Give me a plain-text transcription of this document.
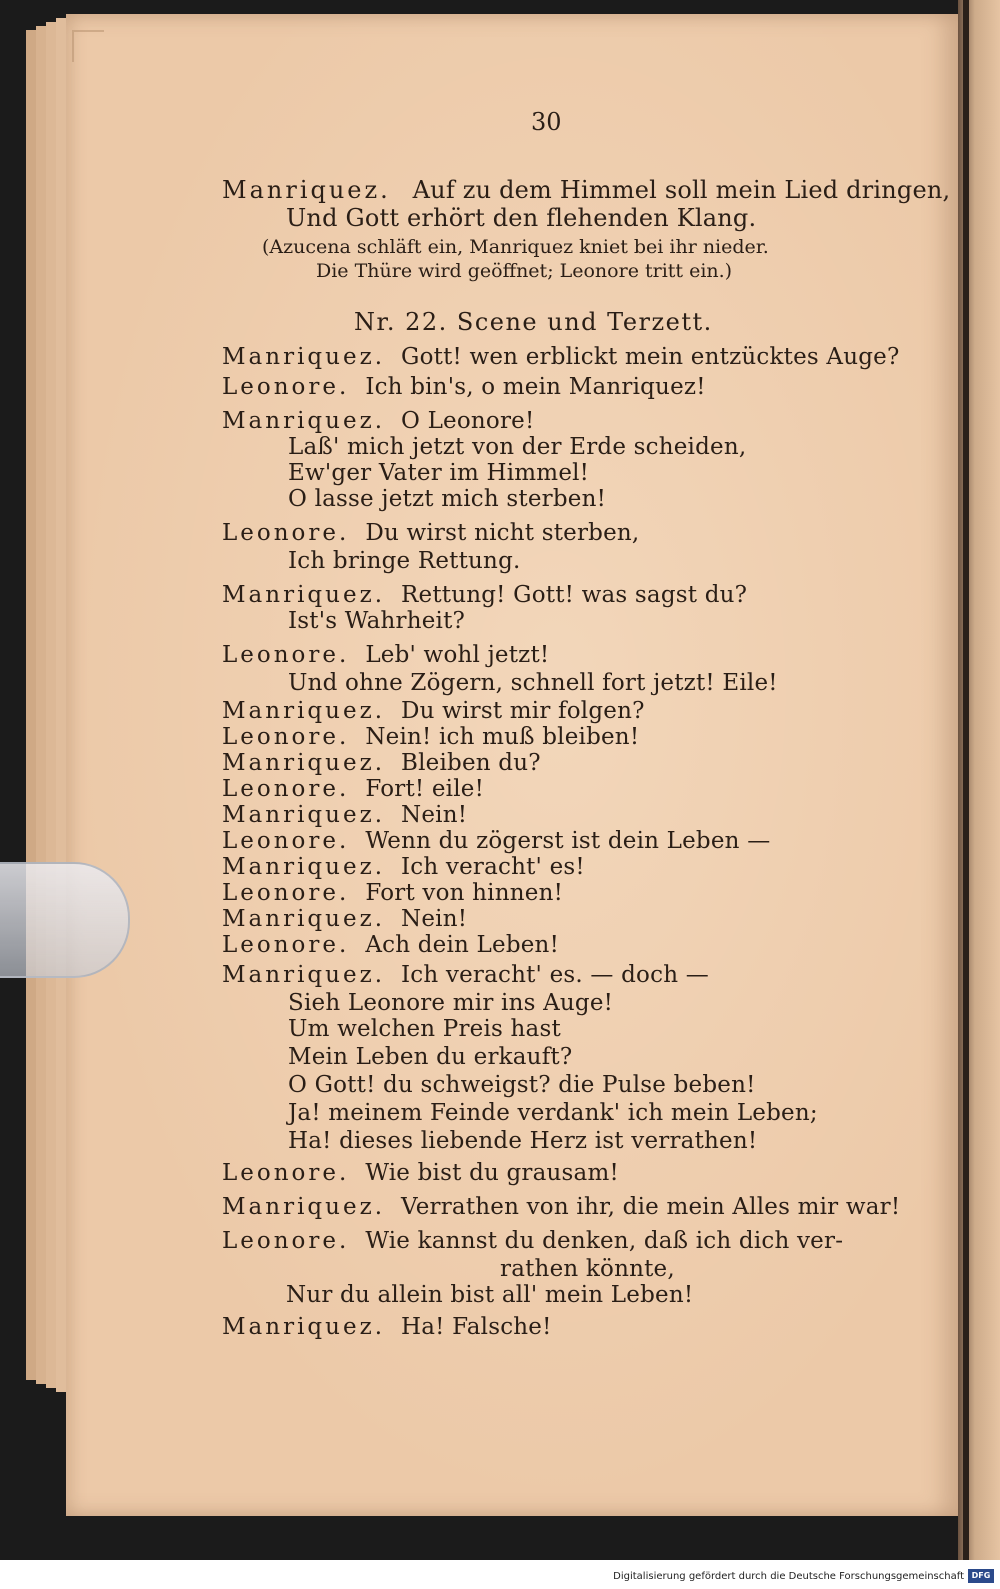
30
Manriquez. Auf zu dem Himmel soll mein Lied dringen,
Und Gott erhört den flehenden Klang.
(Azucena schläft ein, Manriquez kniet bei ihr nieder.
Die Thüre wird geöffnet; Leonore tritt ein.)
Nr. 22. Scene und Terzett.
Manriquez. Gott! wen erblickt mein entzücktes Auge?
Leonore. Ich bin's, o mein Manriquez!
Manriquez. O Leonore!
Laß' mich jetzt von der Erde scheiden,
Ew'ger Vater im Himmel!
O lasse jetzt mich sterben!
Leonore. Du wirst nicht sterben,
Ich bringe Rettung.
Manriquez. Rettung! Gott! was sagst du?
Ist's Wahrheit?
Leonore. Leb' wohl jetzt!
Und ohne Zögern, schnell fort jetzt! Eile!
Manriquez. Du wirst mir folgen?
Leonore. Nein! ich muß bleiben!
Manriquez. Bleiben du?
Leonore. Fort! eile!
Manriquez. Nein!
Leonore. Wenn du zögerst ist dein Leben —
Manriquez. Ich veracht' es!
Leonore. Fort von hinnen!
Manriquez. Nein!
Leonore. Ach dein Leben!
Manriquez. Ich veracht' es. — doch —
Sieh Leonore mir ins Auge!
Um welchen Preis hast
Mein Leben du erkauft?
O Gott! du schweigst? die Pulse beben!
Ja! meinem Feinde verdank' ich mein Leben;
Ha! dieses liebende Herz ist verrathen!
Leonore. Wie bist du grausam!
Manriquez. Verrathen von ihr, die mein Alles mir war!
Leonore. Wie kannst du denken, daß ich dich ver-
rathen könnte,
Nur du allein bist all' mein Leben!
Manriquez. Ha! Falsche!
Digitalisierung gefördert durch die Deutsche Forschungsgemeinschaft DFG
